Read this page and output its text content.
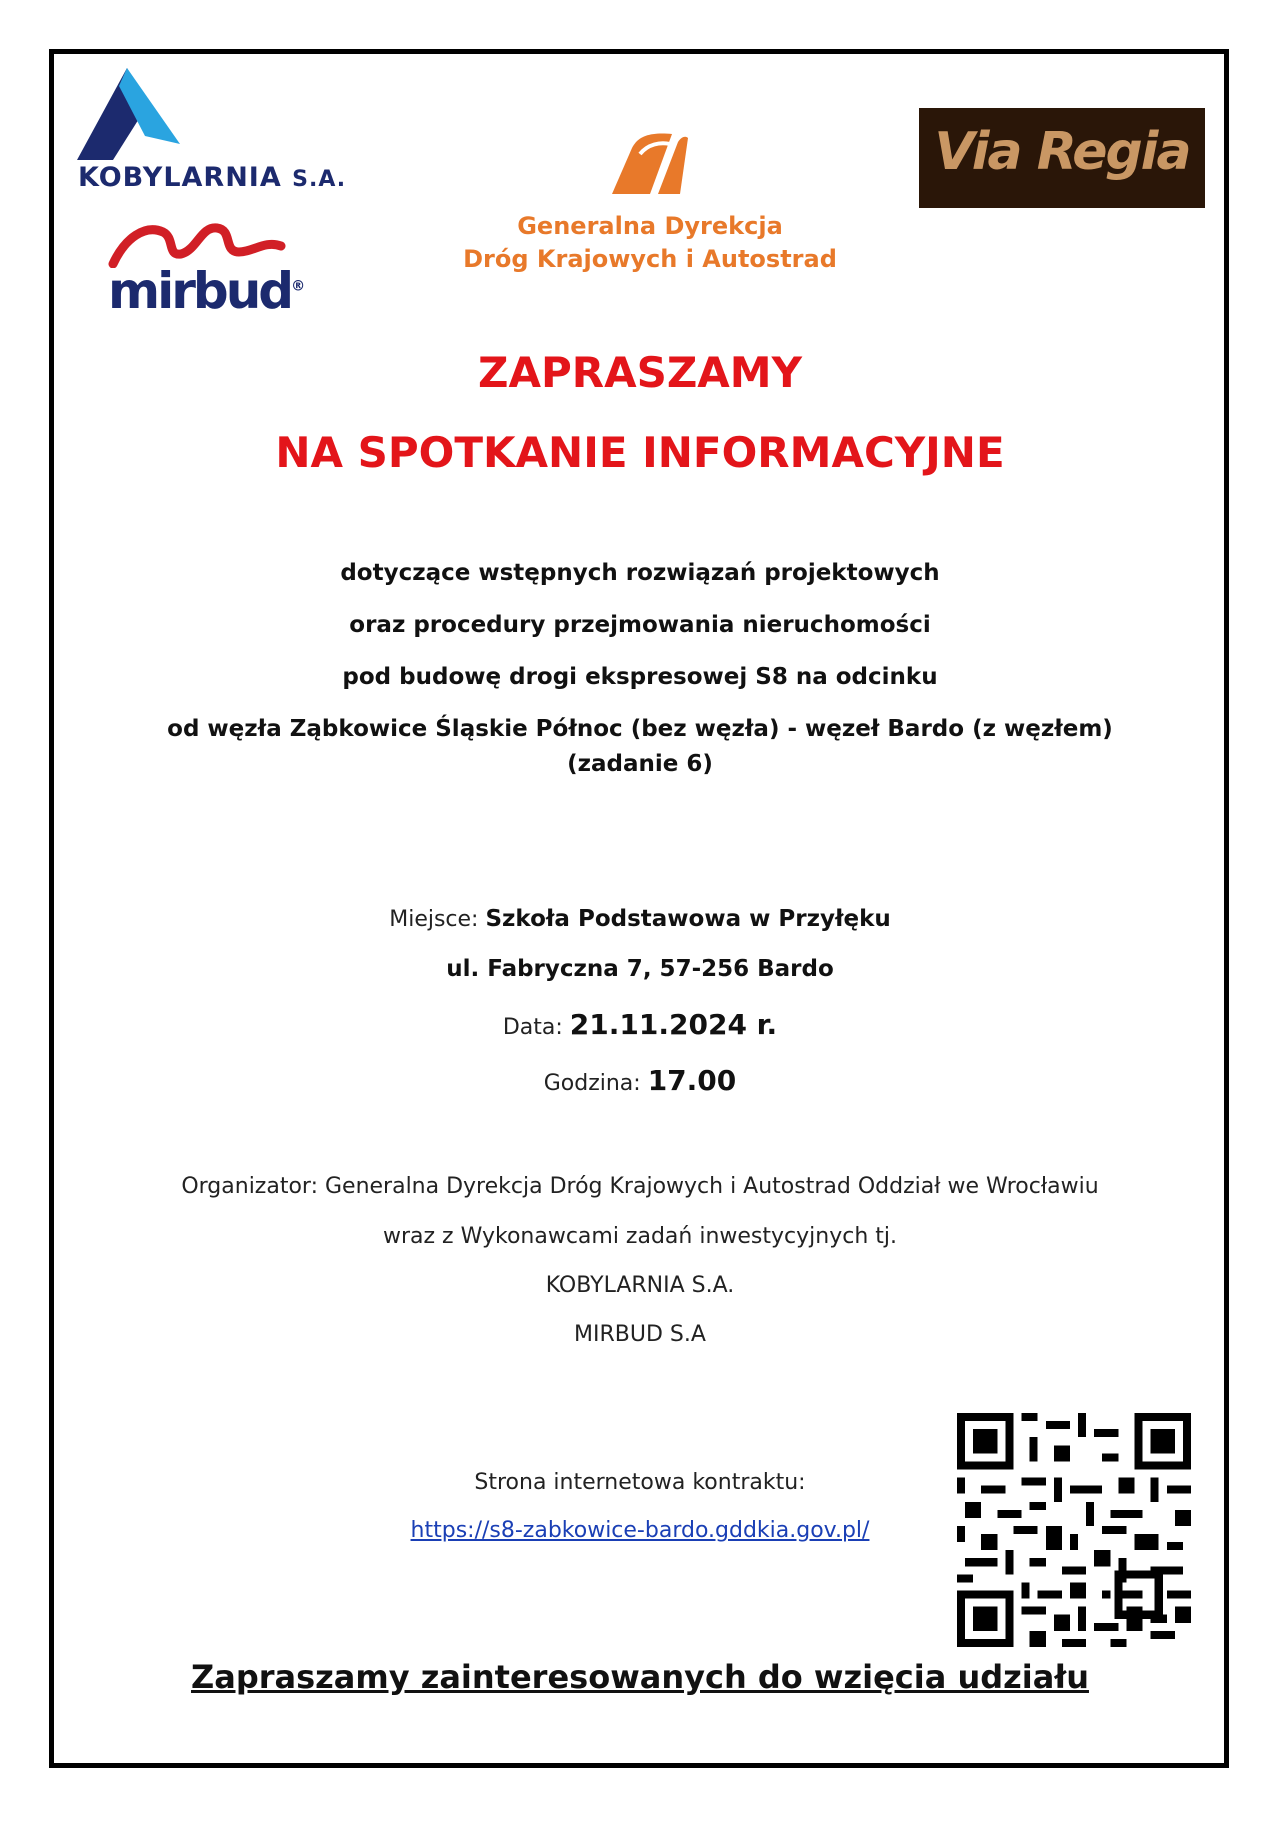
KOBYLARNIA S.A.
mirbud®
Generalna Dyrekcja
Dróg Krajowych i Autostrad
Via Regia
ZAPRASZAMY
NA SPOTKANIE INFORMACYJNE
dotyczące wstępnych rozwiązań projektowych
oraz procedury przejmowania nieruchomości
pod budowę drogi ekspresowej S8 na odcinku
od węzła Ząbkowice Śląskie Północ (bez węzła) - węzeł Bardo (z węzłem)
(zadanie 6)
Miejsce: Szkoła Podstawowa w Przyłęku
ul. Fabryczna 7, 57-256 Bardo
Data: 21.11.2024 r.
Godzina: 17.00
Organizator: Generalna Dyrekcja Dróg Krajowych i Autostrad Oddział we Wrocławiu
wraz z Wykonawcami zadań inwestycyjnych tj.
KOBYLARNIA S.A.
MIRBUD S.A
Strona internetowa kontraktu:
https://s8-zabkowice-bardo.gddkia.gov.pl/
Zapraszamy zainteresowanych do wzięcia udziału
